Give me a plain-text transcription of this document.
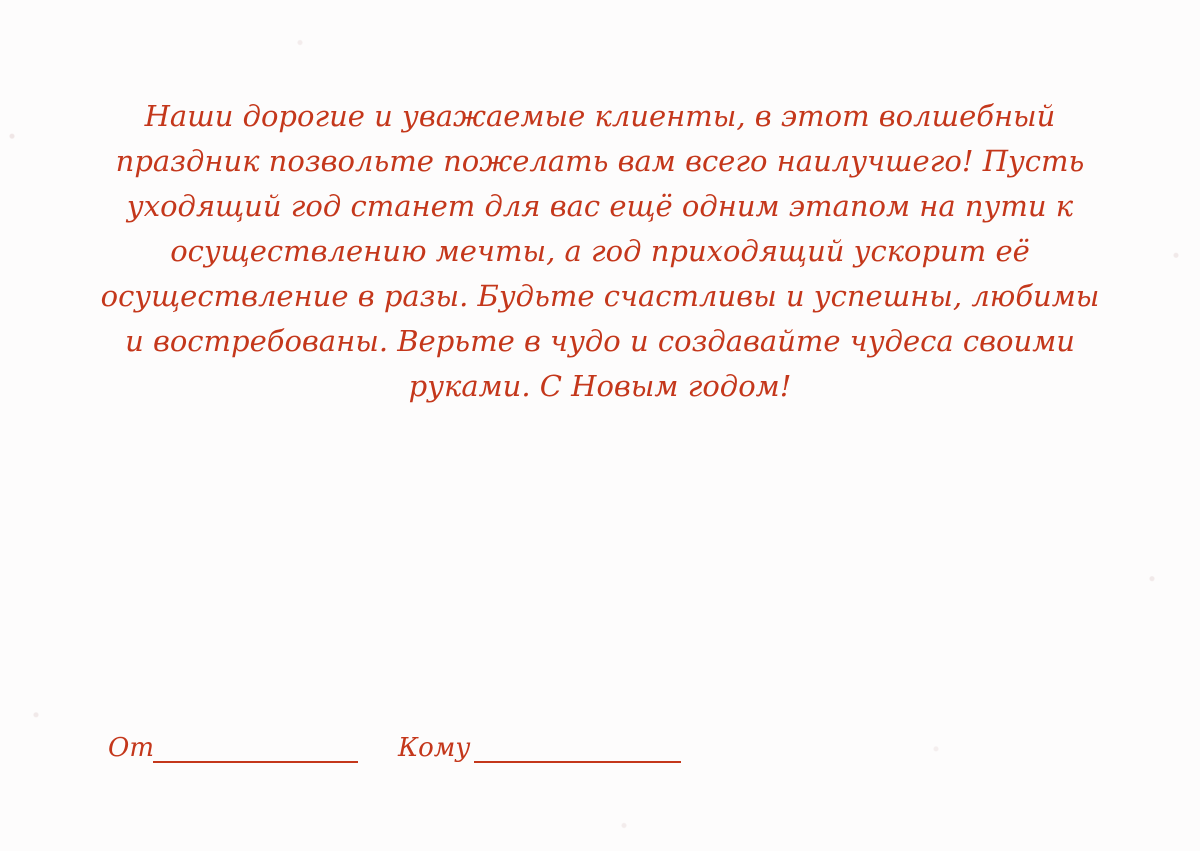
Наши дорогие и уважаемые клиенты, в этот волшебный
праздник позвольте пожелать вам всего наилучшего! Пусть
уходящий год станет для вас ещё одним этапом на пути к
осуществлению мечты, а год приходящий ускорит её
осуществление в разы. Будьте счастливы и успешны, любимы
и востребованы. Верьте в чудо и создавайте чудеса своими
руками. С Новым годом!

От	Кому
